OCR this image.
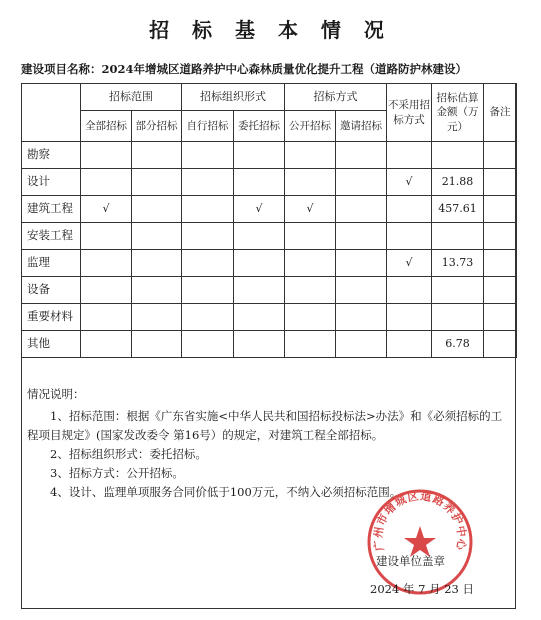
招 标 基 本 情 况
建设项目名称：2024年增城区道路养护中心森林质量优化提升工程（道路防护林建设）
	招标范围		招标组织形式		招标方式		不采用招标方式	招标估算金额（万元）	备注
	全部招标	部分招标	自行招标	委托招标	公开招标	邀请招标			
勘察									
设计							√	21.88	
建筑工程	√			√	√			457.61	
安装工程									
监理							√	13.73	
设备									
重要材料									
其他								6.78	
情况说明：
1、招标范围：根据《广东省实施<中华人民共和国招标投标法>办法》和《必须招标的工程项目规定》(国家发改委令 第16号）的规定，对建筑工程全部招标。
2、招标组织形式：委托招标。
3、招标方式：公开招标。
4、设计、监理单项服务合同价低于100万元，不纳入必须招标范围。
广州市增城区道路养护中心
建设单位盖章
2024 年 7 月 23 日
